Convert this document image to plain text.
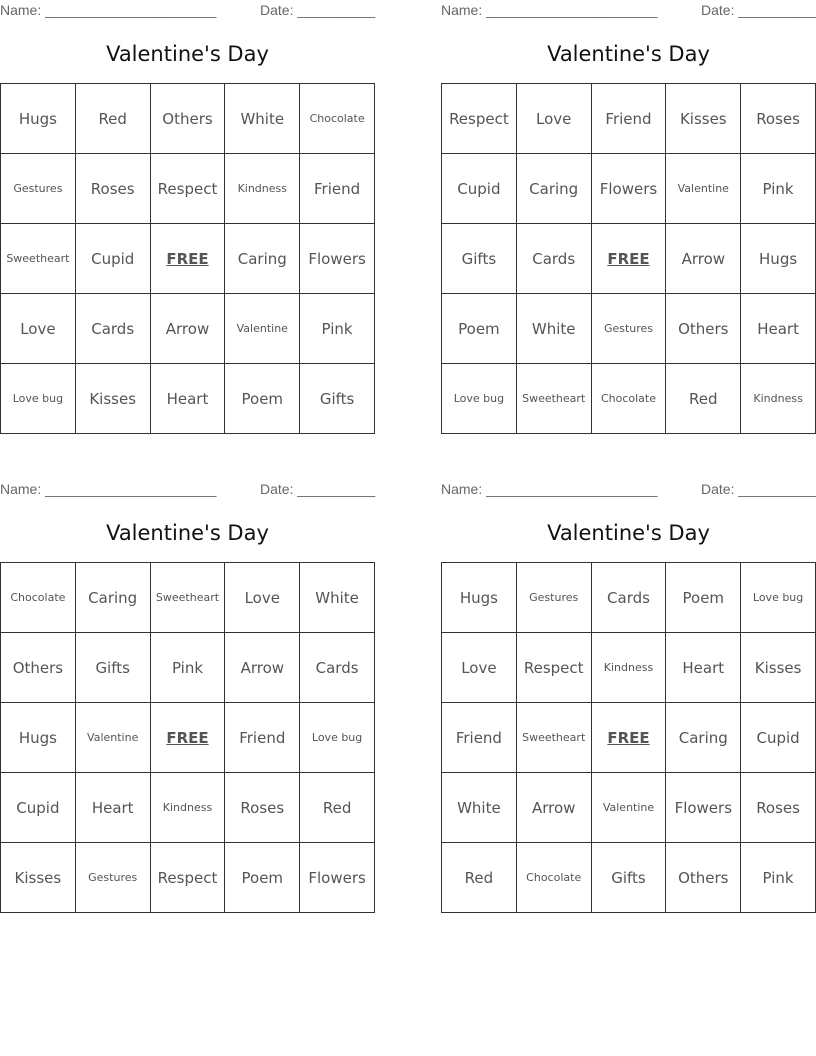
Name: ______________________	Date: __________
Valentine's Day
Hugs	Red	Others	White	Chocolate
Gestures	Roses	Respect	Kindness	Friend
Sweetheart	Cupid	FREE	Caring	Flowers
Love	Cards	Arrow	Valentine	Pink
Love bug	Kisses	Heart	Poem	Gifts
Name: ______________________	Date: __________
Valentine's Day
Respect	Love	Friend	Kisses	Roses
Cupid	Caring	Flowers	Valentine	Pink
Gifts	Cards	FREE	Arrow	Hugs
Poem	White	Gestures	Others	Heart
Love bug	Sweetheart	Chocolate	Red	Kindness
Name: ______________________	Date: __________
Valentine's Day
Chocolate	Caring	Sweetheart	Love	White
Others	Gifts	Pink	Arrow	Cards
Hugs	Valentine	FREE	Friend	Love bug
Cupid	Heart	Kindness	Roses	Red
Kisses	Gestures	Respect	Poem	Flowers
Name: ______________________	Date: __________
Valentine's Day
Hugs	Gestures	Cards	Poem	Love bug
Love	Respect	Kindness	Heart	Kisses
Friend	Sweetheart	FREE	Caring	Cupid
White	Arrow	Valentine	Flowers	Roses
Red	Chocolate	Gifts	Others	Pink
